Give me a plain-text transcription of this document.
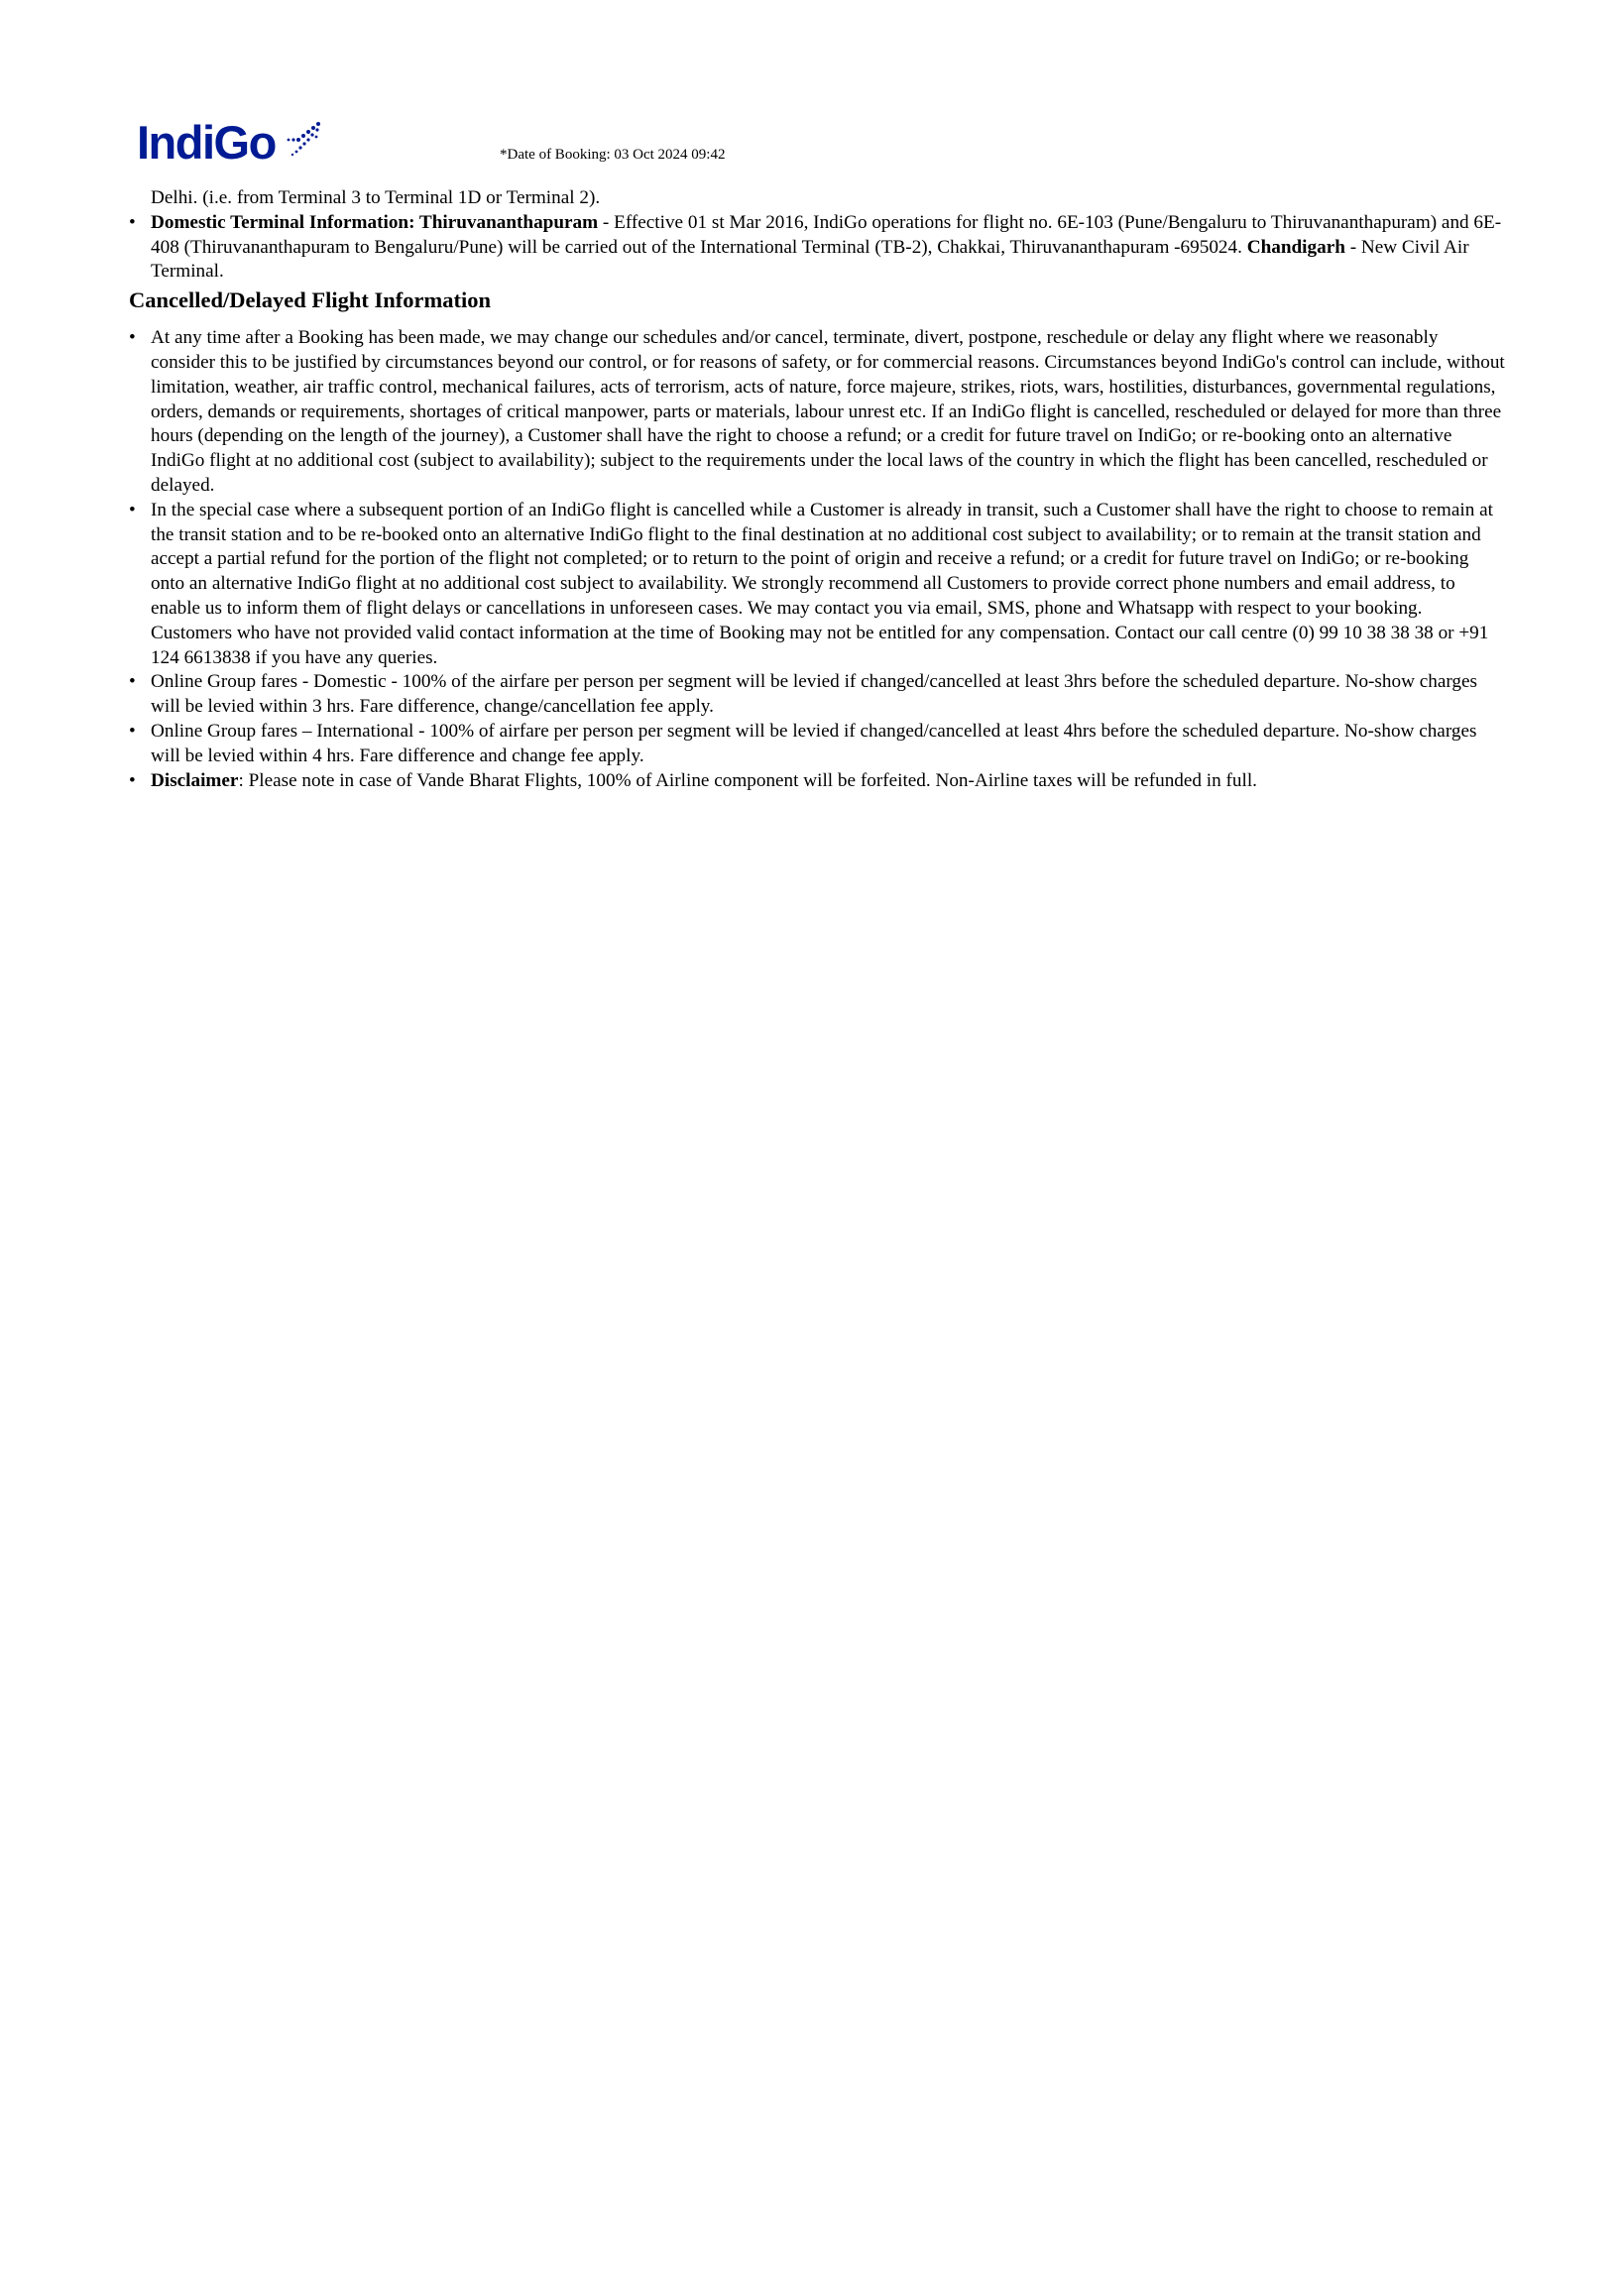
IndiGo	*Date of Booking: 03 Oct 2024 09:42

Delhi. (i.e. from Terminal 3 to Terminal 1D or Terminal 2).

• Domestic Terminal Information: Thiruvananthapuram - Effective 01 st Mar 2016, IndiGo operations for flight no. 6E-103 (Pune/Bengaluru to Thiruvananthapuram) and 6E-408 (Thiruvananthapuram to Bengaluru/Pune) will be carried out of the International Terminal (TB-2), Chakkai, Thiruvananthapuram -695024. Chandigarh - New Civil Air Terminal.
Cancelled/Delayed Flight Information
• At any time after a Booking has been made, we may change our schedules and/or cancel, terminate, divert, postpone, reschedule or delay any flight where we reasonably consider this to be justified by circumstances beyond our control, or for reasons of safety, or for commercial reasons. Circumstances beyond IndiGo's control can include, without limitation, weather, air traffic control, mechanical failures, acts of terrorism, acts of nature, force majeure, strikes, riots, wars, hostilities, disturbances, governmental regulations, orders, demands or requirements, shortages of critical manpower, parts or materials, labour unrest etc. If an IndiGo flight is cancelled, rescheduled or delayed for more than three hours (depending on the length of the journey), a Customer shall have the right to choose a refund; or a credit for future travel on IndiGo; or re-booking onto an alternative IndiGo flight at no additional cost (subject to availability); subject to the requirements under the local laws of the country in which the flight has been cancelled, rescheduled or delayed.
• In the special case where a subsequent portion of an IndiGo flight is cancelled while a Customer is already in transit, such a Customer shall have the right to choose to remain at the transit station and to be re-booked onto an alternative IndiGo flight to the final destination at no additional cost subject to availability; or to remain at the transit station and accept a partial refund for the portion of the flight not completed; or to return to the point of origin and receive a refund; or a credit for future travel on IndiGo; or re-booking onto an alternative IndiGo flight at no additional cost subject to availability. We strongly recommend all Customers to provide correct phone numbers and email address, to enable us to inform them of flight delays or cancellations in unforeseen cases. We may contact you via email, SMS, phone and Whatsapp with respect to your booking. Customers who have not provided valid contact information at the time of Booking may not be entitled for any compensation. Contact our call centre (0) 99 10 38 38 38 or +91 124 6613838 if you have any queries.
• Online Group fares - Domestic - 100% of the airfare per person per segment will be levied if changed/cancelled at least 3hrs before the scheduled departure. No-show charges will be levied within 3 hrs. Fare difference, change/cancellation fee apply.
• Online Group fares – International - 100% of airfare per person per segment will be levied if changed/cancelled at least 4hrs before the scheduled departure. No-show charges will be levied within 4 hrs. Fare difference and change fee apply.
• Disclaimer: Please note in case of Vande Bharat Flights, 100% of Airline component will be forfeited. Non-Airline taxes will be refunded in full.
